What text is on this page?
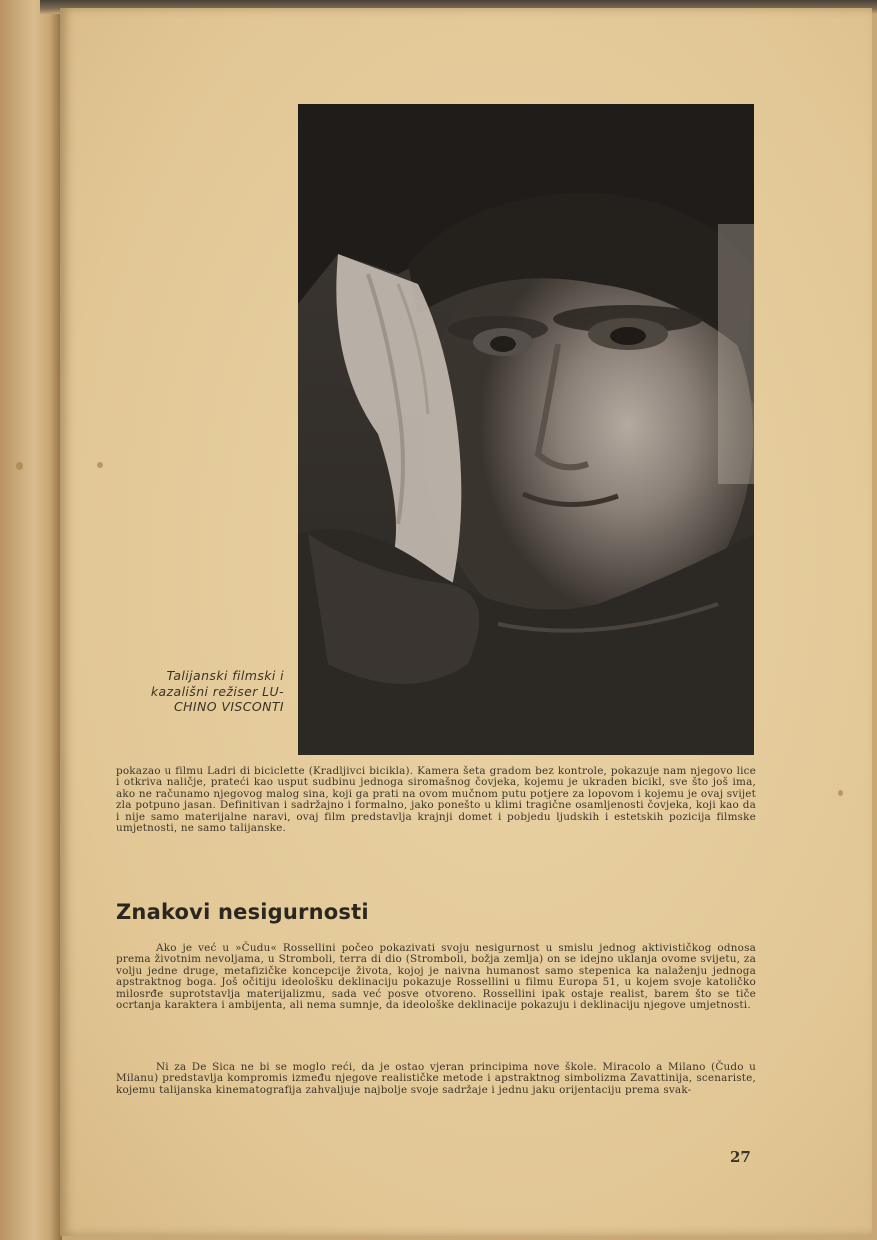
Talijanski filmski i
kazališni režiser LU-
CHINO VISCONTI
pokazao u filmu Ladri di biciclette (Kradljivci bicikla). Kamera šeta gradom bez kontrole, pokazuje nam njegovo lice i otkriva naličje, prateći kao usput sudbinu jednoga siromašnog čovjeka, kojemu je ukraden bicikl, sve što još ima, ako ne računamo njegovog malog sina, koji ga prati na ovom mučnom putu potjere za lopovom i kojemu je ovaj svijet zla potpuno jasan. Definitivan i sadržajno i formalno, jako ponešto u klimi tragične osamljenosti čovjeka, koji kao da i nije samo materijalne naravi, ovaj film predstavlja krajnji domet i pobjedu ljudskih i estetskih pozicija filmske umjetnosti, ne samo talijanske.
Znakovi nesigurnosti
Ako je već u »Čudu« Rossellini počeo pokazivati svoju nesigurnost u smislu jednog aktivističkog odnosa prema životnim nevoljama, u Stromboli, terra di dio (Stromboli, božja zemlja) on se idejno uklanja ovome svijetu, za volju jedne druge, metafizičke koncepcije života, kojoj je naivna humanost samo stepenica ka nalaženju jednoga apstraktnog boga. Još očitiju ideološku deklinaciju pokazuje Rossellini u filmu Europa 51, u kojem svoje katoličko milosrđe suprotstavlja materijalizmu, sada već posve otvoreno. Rossellini ipak ostaje realist, barem što se tiče ocrtanja karaktera i ambijenta, ali nema sumnje, da ideološke deklinacije pokazuju i deklinaciju njegove umjetnosti.
Ni za De Sica ne bi se moglo reći, da je ostao vjeran principima nove škole. Miracolo a Milano (Čudo u Milanu) predstavlja kompromis između njegove realističke metode i apstraktnog simbolizma Zavattinija, scenariste, kojemu talijanska kinematografija zahvaljuje najbolje svoje sadržaje i jednu jaku orijentaciju prema svak-
27
